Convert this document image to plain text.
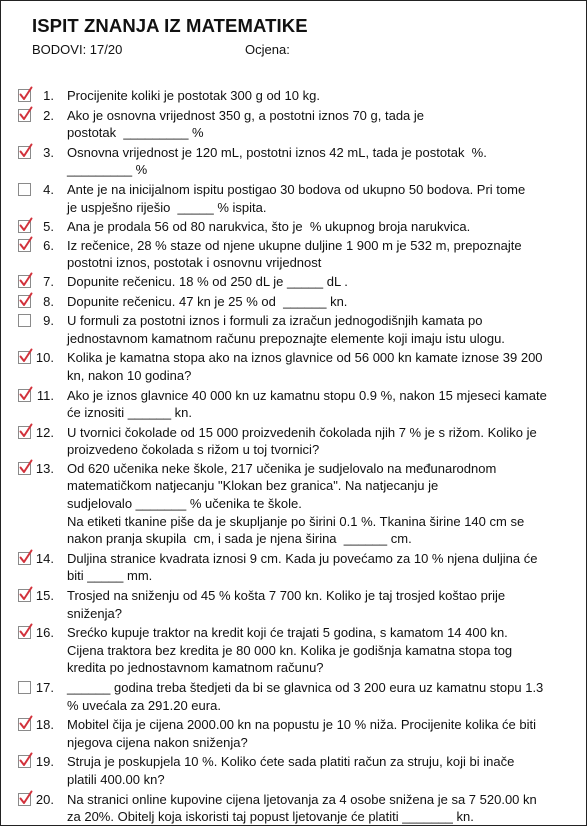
ISPIT ZNANJA IZ MATEMATIKE
BODOVI: 17/20	Ocjena:
1. Procijenite koliki je postotak 300 g od 10 kg.
2. Ako je osnovna vrijednost 350 g, a postotni iznos 70 g, tada je
postotak  _________ %
3. Osnovna vrijednost je 120 mL, postotni iznos 42 mL, tada je postotak  %.
_________ %
4. Ante je na inicijalnom ispitu postigao 30 bodova od ukupno 50 bodova. Pri tome
je uspješno riješio  _____ % ispita.
5. Ana je prodala 56 od 80 narukvica, što je  % ukupnog broja narukvica.
6. Iz rečenice, 28 % staze od njene ukupne duljine 1 900 m je 532 m, prepoznajte
postotni iznos, postotak i osnovnu vrijednost
7. Dopunite rečenicu. 18 % od 250 dL je _____ dL .
8. Dopunite rečenicu. 47 kn je 25 % od  ______ kn.
9. U formuli za postotni iznos i formuli za izračun jednogodišnjih kamata po
jednostavnom kamatnom računu prepoznajte elemente koji imaju istu ulogu.
10. Kolika je kamatna stopa ako na iznos glavnice od 56 000 kn kamate iznose 39 200
kn, nakon 10 godina?
11. Ako je iznos glavnice 40 000 kn uz kamatnu stopu 0.9 %, nakon 15 mjeseci kamate
će iznositi ______ kn.
12. U tvornici čokolade od 15 000 proizvedenih čokolada njih 7 % je s rižom. Koliko je
proizvedeno čokolada s rižom u toj tvornici?
13. Od 620 učenika neke škole, 217 učenika je sudjelovalo na međunarodnom
matematičkom natjecanju "Klokan bez granica". Na natjecanju je
sudjelovalo _______ % učenika te škole.
Na etiketi tkanine piše da je skupljanje po širini 0.1 %. Tkanina širine 140 cm se
nakon pranja skupila  cm, i sada je njena širina  ______ cm.
14. Duljina stranice kvadrata iznosi 9 cm. Kada ju povećamo za 10 % njena duljina će
biti _____ mm.
15. Trosjed na sniženju od 45 % košta 7 700 kn. Koliko je taj trosjed koštao prije
sniženja?
16. Srećko kupuje traktor na kredit koji će trajati 5 godina, s kamatom 14 400 kn.
Cijena traktora bez kredita je 80 000 kn. Kolika je godišnja kamatna stopa tog
kredita po jednostavnom kamatnom računu?
17. ______ godina treba štedjeti da bi se glavnica od 3 200 eura uz kamatnu stopu 1.3
% uvećala za 291.20 eura.
18. Mobitel čija je cijena 2000.00 kn na popustu je 10 % niža. Procijenite kolika će biti
njegova cijena nakon sniženja?
19. Struja je poskupjela 10 %. Koliko ćete sada platiti račun za struju, koji bi inače
platili 400.00 kn?
20. Na stranici online kupovine cijena ljetovanja za 4 osobe snižena je sa 7 520.00 kn
za 20%. Obitelj koja iskoristi taj popust ljetovanje će platiti _______ kn.
